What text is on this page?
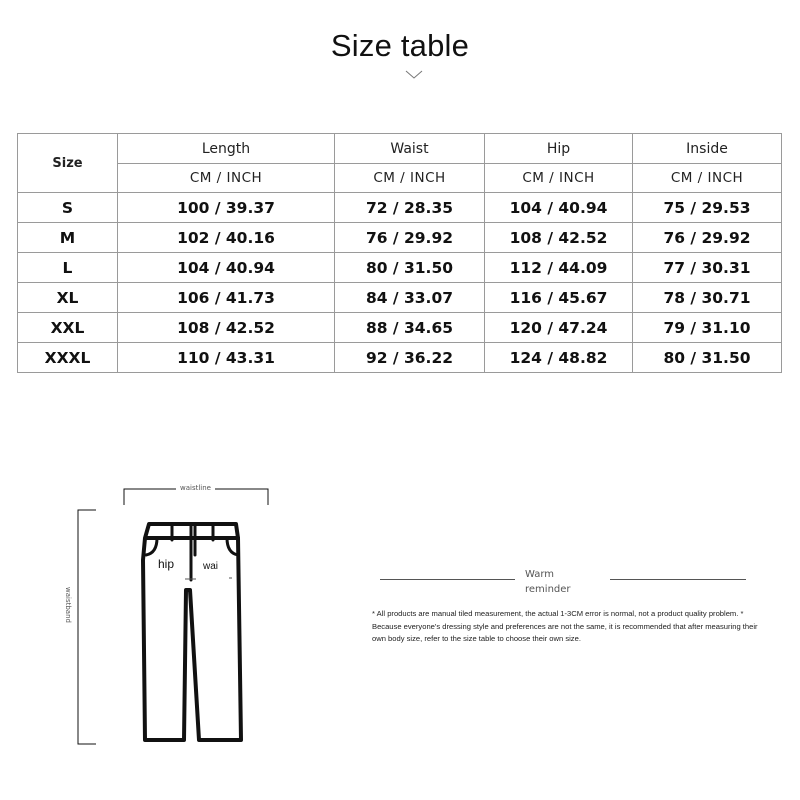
Size table
Size	Length	Waist	Hip	Inside
	CM / INCH	CM / INCH	CM / INCH	CM / INCH
S	100 / 39.37	72 / 28.35	104 / 40.94	75 / 29.53
M	102 / 40.16	76 / 29.92	108 / 42.52	76 / 29.92
L	104 / 40.94	80 / 31.50	112 / 44.09	77 / 30.31
XL	106 / 41.73	84 / 33.07	116 / 45.67	78 / 30.71
XXL	108 / 42.52	88 / 34.65	120 / 47.24	79 / 31.10
XXXL	110 / 43.31	92 / 36.22	124 / 48.82	80 / 31.50
waistline
waistband
hip	wai
Warm reminder
* All products are manual tiled measurement, the actual 1-3CM error is normal, not a product quality problem. * Because everyone's dressing style and preferences are not the same, it is recommended that after measuring their own body size, refer to the size table to choose their own size.
